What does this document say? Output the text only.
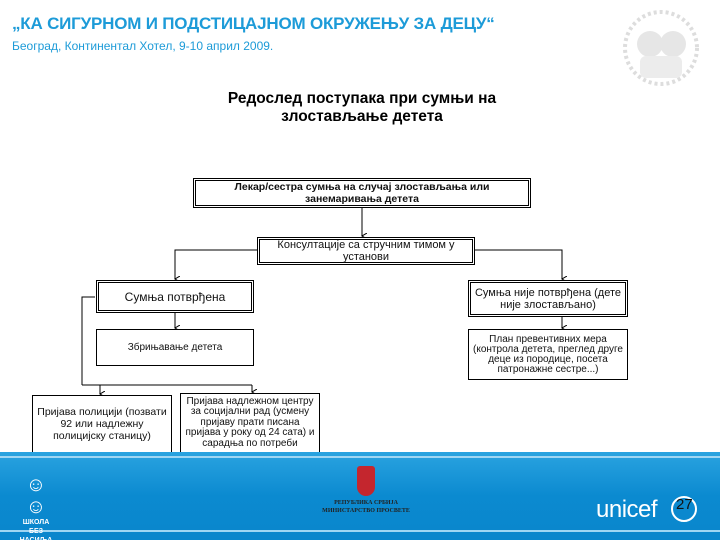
„КА СИГУРНОМ И ПОДСТИЦАЈНОМ ОКРУЖЕЊУ ЗА ДЕЦУ“
Београд, Континентал Хотел, 9-10 април 2009.
Редослед поступака при сумњи на
злостављање детета
Лекар/сестра сумња на случај злостављања или занемаривања детета
Консултације са стручним тимом у установи
Сумња потврђена	Сумња није потврђена (дете није злостављано)
Збрињавање детета
План превентивних мера (контрола детета, преглед друге деце из породице, посета патронажне сестре...)
Пријава полицији (позвати 92 или надлежну полицијску станицу)
Пријава надлежном центру за социјални рад (усмену пријаву прати писана пријава у року од 24 сата) и сарадња по потреби
☺☺
ШКОЛА
БЕЗ НАСИЉА
РЕПУБЛИКА СРБИЈА
МИНИСТАРСТВО ПРОСВЕТЕ	unicef 27
